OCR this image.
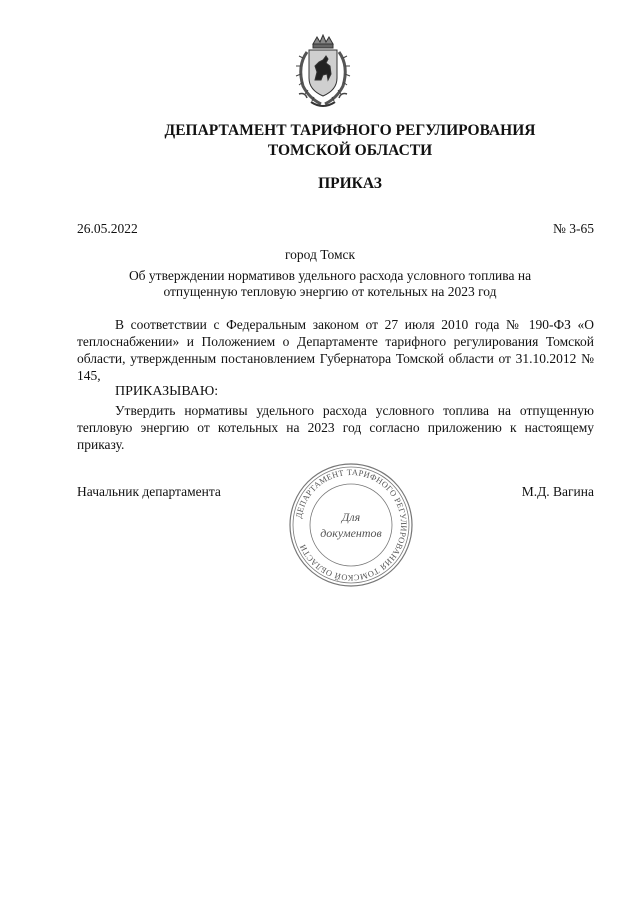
ДЕПАРТАМЕНТ ТАРИФНОГО РЕГУЛИРОВАНИЯ
ТОМСКОЙ ОБЛАСТИ
ПРИКАЗ
26.05.2022	№ 3-65
город Томск
Об утверждении нормативов удельного расхода условного топлива на
отпущенную тепловую энергию от котельных на 2023 год
В соответствии с Федеральным законом от 27 июля 2010 года № 190-ФЗ «О теплоснабжении» и Положением о Департаменте тарифного регулирования Томской области, утвержденным постановлением Губернатора Томской области от 31.10.2012 № 145,
ПРИКАЗЫВАЮ:
Утвердить нормативы удельного расхода условного топлива на отпущенную тепловую энергию от котельных на 2023 год согласно приложению к настоящему приказу.
Начальник департамента	М.Д. Вагина
ДЕПАРТАМЕНТ ТАРИФНОГО РЕГУЛИРОВАНИЯ ТОМСКОЙ ОБЛАСТИ
Для
документов
